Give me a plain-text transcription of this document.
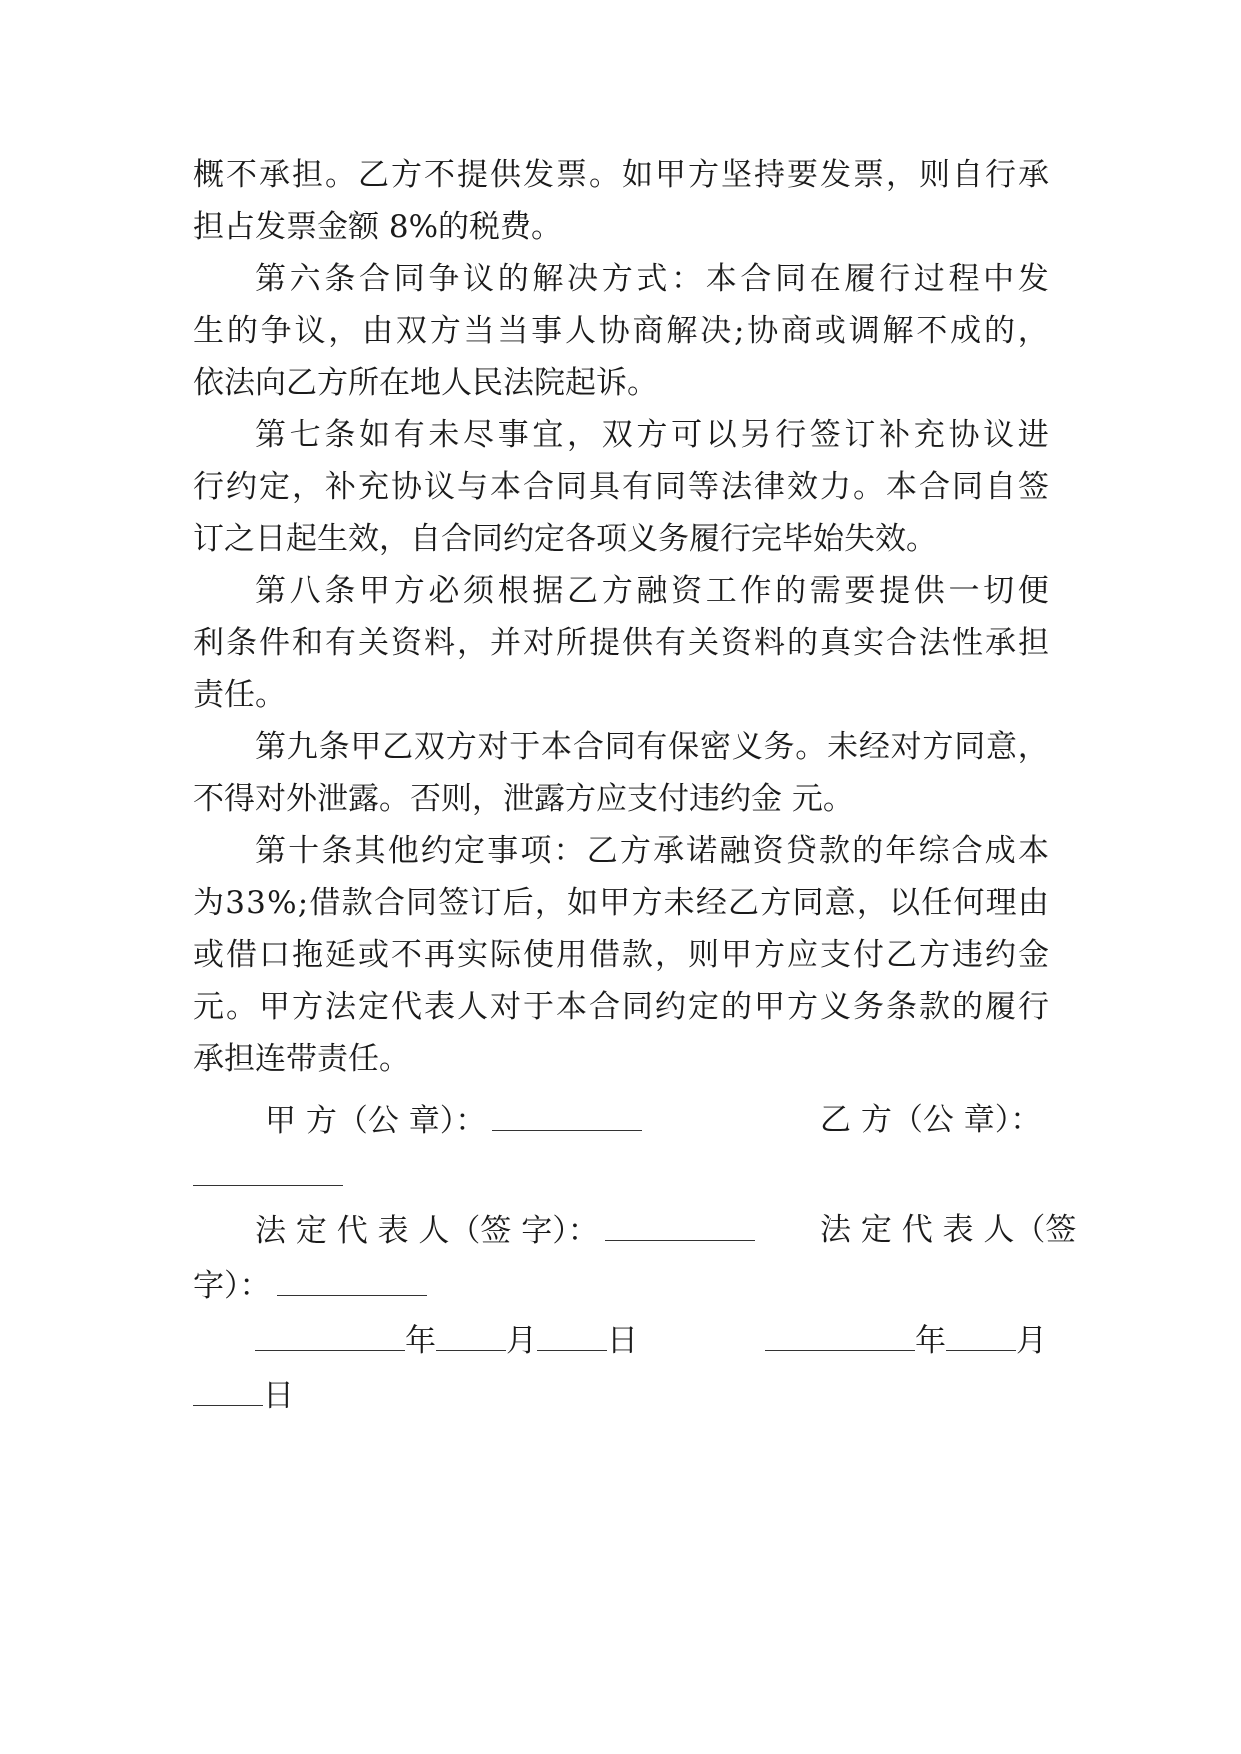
概 不 承 担 。 乙 方 不 提 供 发 票 。 如 甲 方 坚 持 要 发 票 ， 则 自 行 承
担占发票金额 8%的税费。
第 六 条 合 同 争 议 的 解 决 方 式 ： 本 合 同 在 履 行 过 程 中 发
生 的 争 议 ， 由 双 方 当 当 事 人 协 商 解 决 ; 协 商 或 调 解 不 成 的 ，
依法向乙方所在地人民法院起诉。
第 七 条 如 有 未 尽 事 宜 ， 双 方 可 以 另 行 签 订 补 充 协 议 进
行 约 定 ， 补 充 协 议 与 本 合 同 具 有 同 等 法 律 效 力 。 本 合 同 自 签
订之日起生效，自合同约定各项义务履行完毕始失效。
第 八 条 甲 方 必 须 根 据 乙 方 融 资 工 作 的 需 要 提 供 一 切 便
利 条 件 和 有 关 资 料 ， 并 对 所 提 供 有 关 资 料 的 真 实 合 法 性 承 担
责任。
第 九 条 甲 乙 双 方 对 于 本 合 同 有 保 密 义 务 。 未 经 对 方 同 意 ，
不得对外泄露。否则，泄露方应支付违约金 元。
第 十 条 其 他 约 定 事 项 ： 乙 方 承 诺 融 资 贷 款 的 年 综 合 成 本
为 3 3 % ; 借 款 合 同 签 订 后 ， 如 甲 方 未 经 乙 方 同 意 ， 以 任 何 理 由
或 借 口 拖 延 或 不 再 实 际 使 用 借 款 ， 则 甲 方 应 支 付 乙 方 违 约 金
元 。 甲 方 法 定 代 表 人 对 于 本 合 同 约 定 的 甲 方 义 务 条 款 的 履 行
承担连带责任。
甲 方（公 章）：	乙 方（公 章）：
法 定 代 表 人（签 字）：	法 定 代 表 人（签
字）：
年 月 日	年 月
日
